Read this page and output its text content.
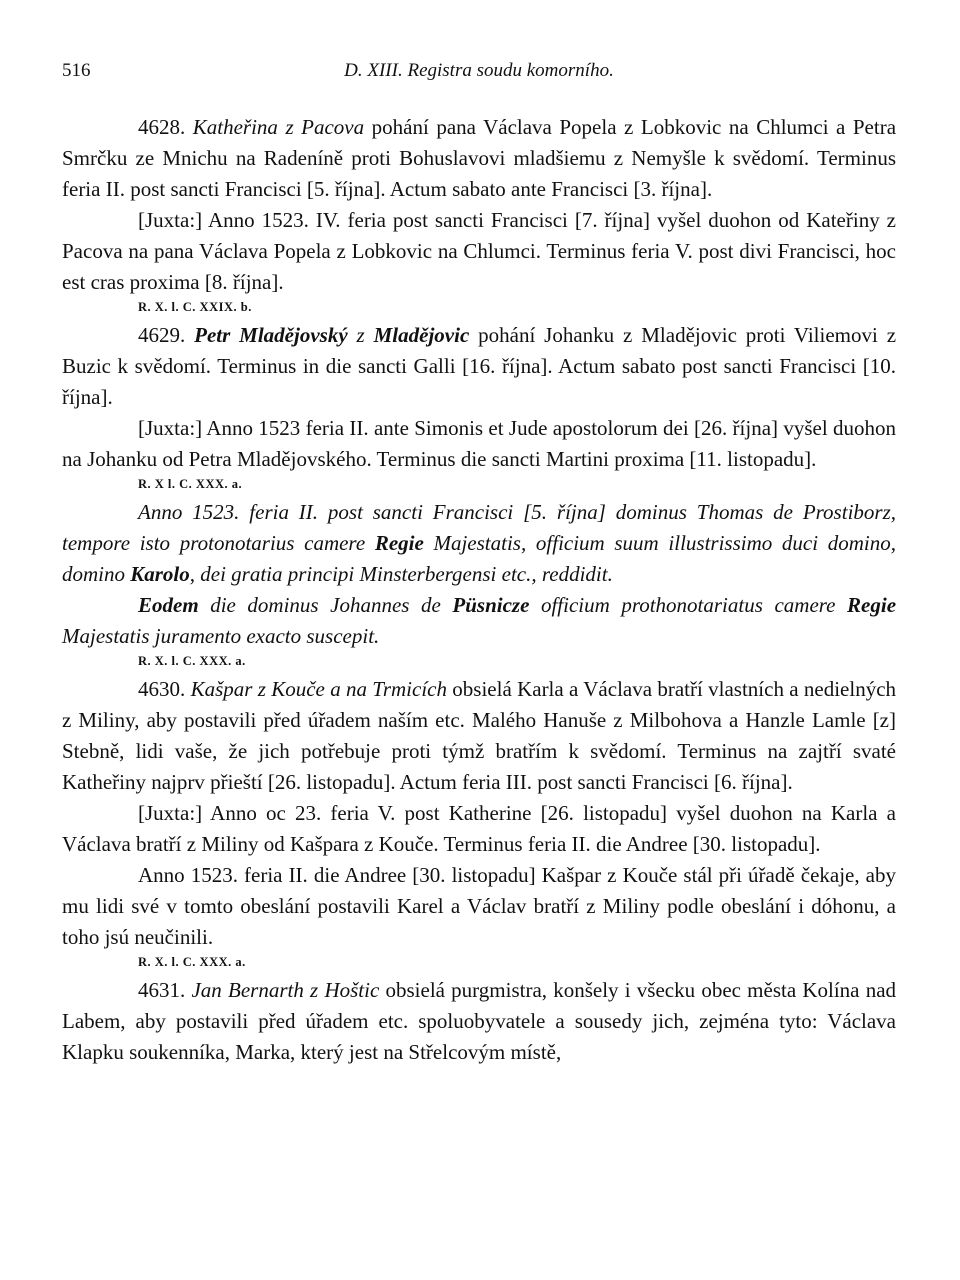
516	D. XIII. Registra soudu komorního.

4628. Katheřina z Pacova pohání pana Václava Popela z Lobkovic na Chlumci a Petra Smrčku ze Mnichu na Radeníně proti Bohuslavovi mladšiemu z Nemyšle k svědomí. Terminus feria II. post sancti Francisci [5. října]. Actum sabato ante Francisci [3. října].

[Juxta:] Anno 1523. IV. feria post sancti Francisci [7. října] vyšel duohon od Kateřiny z Pacova na pana Václava Popela z Lobkovic na Chlumci. Terminus feria V. post divi Francisci, hoc est cras proxima [8. října].

R. X. l. C. XXIX. b.

4629. Petr Mladějovský z Mladějovic pohání Johanku z Mladějovic proti Viliemovi z Buzic k svědomí. Terminus in die sancti Galli [16. října]. Actum sabato post sancti Francisci [10. října].

[Juxta:] Anno 1523 feria II. ante Simonis et Jude apostolorum dei [26. října] vyšel duohon na Johanku od Petra Mladějovského. Terminus die sancti Martini proxima [11. listopadu].

R. X l. C. XXX. a.

Anno 1523. feria II. post sancti Francisci [5. října] dominus Thomas de Prostiborz, tempore isto protonotarius camere Regie Majestatis, officium suum illustrissimo duci domino, domino Karolo, dei gratia principi Minsterbergensi etc., reddidit.

Eodem die dominus Johannes de Püsnicze officium prothonotariatus camere Regie Majestatis juramento exacto suscepit.

R. X. l. C. XXX. a.

4630. Kašpar z Kouče a na Trmicích obsielá Karla a Václava bratří vlastních a nedielných z Miliny, aby postavili před úřadem naším etc. Malého Hanuše z Milbohova a Hanzle Lamle [z] Stebně, lidi vaše, že jich potřebuje proti týmž bratřím k svědomí. Terminus na zajtří svaté Katheřiny najprv přieští [26. listopadu]. Actum feria III. post sancti Francisci [6. října].

[Juxta:] Anno oc 23. feria V. post Katherine [26. listopadu] vyšel duohon na Karla a Václava bratří z Miliny od Kašpara z Kouče. Terminus feria II. die Andree [30. listopadu].

Anno 1523. feria II. die Andree [30. listopadu] Kašpar z Kouče stál při úřadě čekaje, aby mu lidi své v tomto obeslání postavili Karel a Václav bratří z Miliny podle obeslání i dóhonu, a toho jsú neučinili.

R. X. l. C. XXX. a.

4631. Jan Bernarth z Hoštic obsielá purgmistra, konšely i všecku obec města Kolína nad Labem, aby postavili před úřadem etc. spoluobyvatele a sousedy jich, zejména tyto: Václava Klapku soukenníka, Marka, který jest na Střelcovým místě,
